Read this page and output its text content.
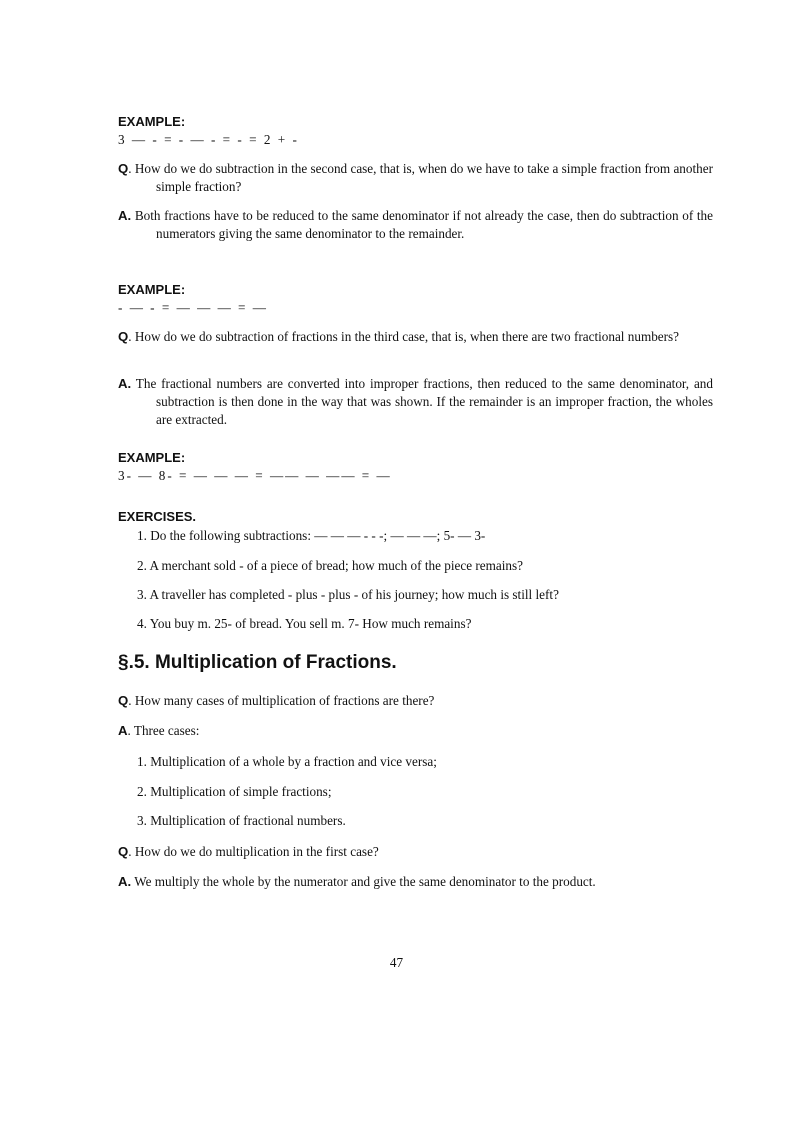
EXAMPLE:
3 — - = - — - = - = 2 + -
Q. How do we do subtraction in the second case, that is, when do we have to take a simple fraction from another simple fraction?
A. Both fractions have to be reduced to the same denominator if not already the case, then do subtraction of the numerators giving the same denominator to the remainder.
EXAMPLE:
- — - = — — — = —
Q. How do we do subtraction of fractions in the third case, that is, when there are two fractional numbers?
A. The fractional numbers are converted into improper fractions, then reduced to the same denominator, and subtraction is then done in the way that was shown. If the remainder is an improper fraction, the wholes are extracted.
EXAMPLE:
3- — 8- = — — — = —— — —— = —
EXERCISES.
1. Do the following subtractions: — — — - - -; — — —; 5- — 3-
2. A merchant sold - of a piece of bread; how much of the piece remains?
3. A traveller has completed - plus - plus - of his journey; how much is still left?
4. You buy m. 25- of bread. You sell m. 7- How much remains?
§.5. Multiplication of Fractions.
Q. How many cases of multiplication of fractions are there?
A. Three cases:
1. Multiplication of a whole by a fraction and vice versa;
2. Multiplication of simple fractions;
3. Multiplication of fractional numbers.
Q. How do we do multiplication in the first case?
A. We multiply the whole by the numerator and give the same denominator to the product.
47
